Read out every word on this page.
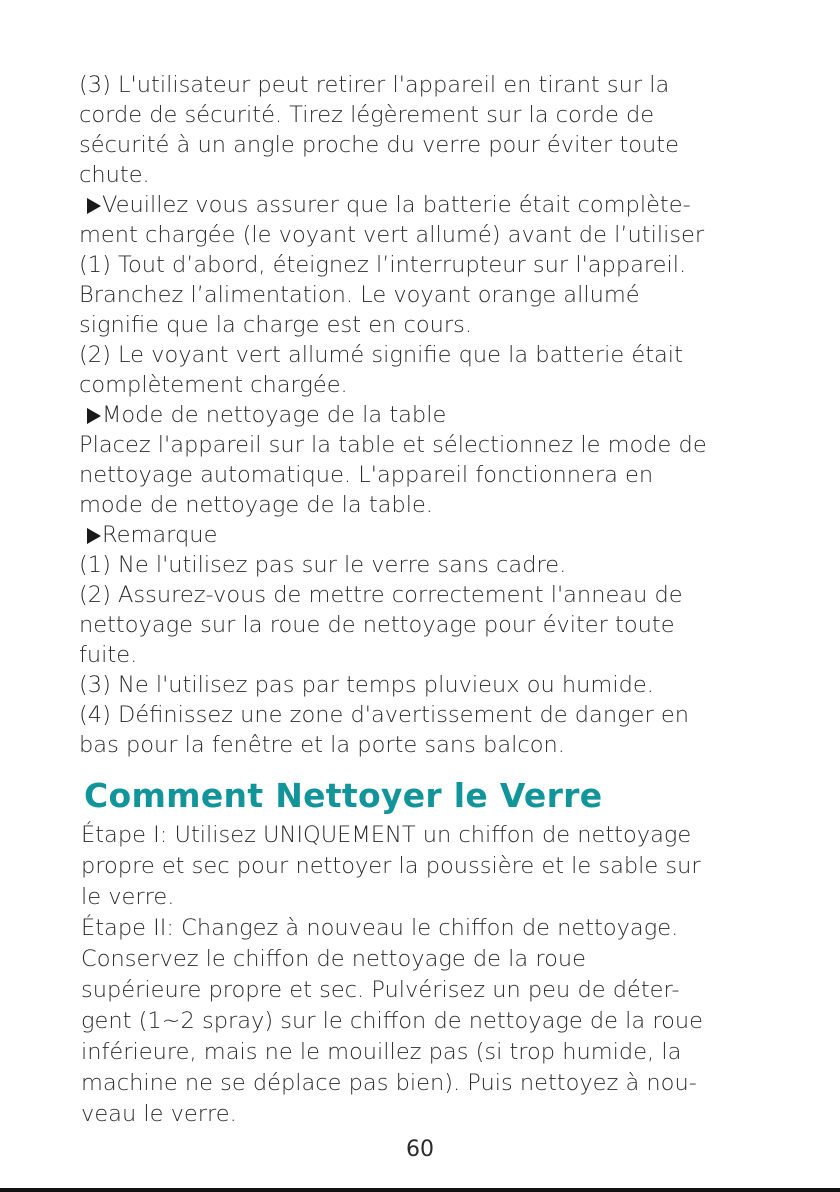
(3) L'utilisateur peut retirer l'appareil en tirant sur la
corde de sécurité. Tirez légèrement sur la corde de
sécurité à un angle proche du verre pour éviter toute
chute.
Veuillez vous assurer que la batterie était complète-
ment chargée (le voyant vert allumé) avant de l’utiliser
(1) Tout d’abord, éteignez l’interrupteur sur l'appareil.
Branchez l’alimentation. Le voyant orange allumé
signifie que la charge est en cours.
(2) Le voyant vert allumé signifie que la batterie était
complètement chargée.
Mode de nettoyage de la table
Placez l'appareil sur la table et sélectionnez le mode de
nettoyage automatique. L'appareil fonctionnera en
mode de nettoyage de la table.
Remarque
(1) Ne l'utilisez pas sur le verre sans cadre.
(2) Assurez-vous de mettre correctement l'anneau de
nettoyage sur la roue de nettoyage pour éviter toute
fuite.
(3) Ne l'utilisez pas par temps pluvieux ou humide.
(4) Définissez une zone d'avertissement de danger en
bas pour la fenêtre et la porte sans balcon.
Comment Nettoyer le Verre
Étape I: Utilisez UNIQUEMENT un chiffon de nettoyage
propre et sec pour nettoyer la poussière et le sable sur
le verre.
Étape II: Changez à nouveau le chiffon de nettoyage.
Conservez le chiffon de nettoyage de la roue
supérieure propre et sec. Pulvérisez un peu de déter-
gent (1~2 spray) sur le chiffon de nettoyage de la roue
inférieure, mais ne le mouillez pas (si trop humide, la
machine ne se déplace pas bien). Puis nettoyez à nou-
veau le verre.
60
